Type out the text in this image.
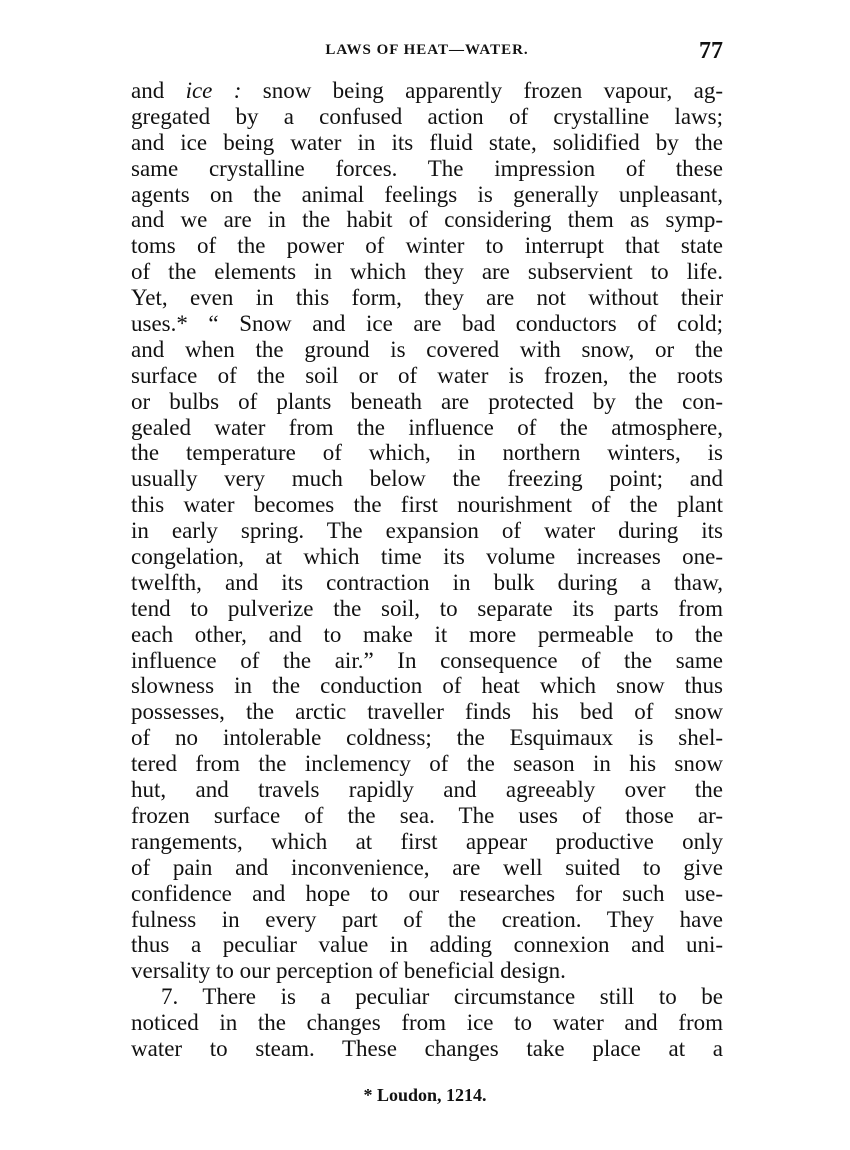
LAWS OF HEAT—WATER.	77
and ice : snow being apparently frozen vapour, ag-
gregated by a confused action of crystalline laws;
and ice being water in its fluid state, solidified by the
same crystalline forces. The impression of these
agents on the animal feelings is generally unpleasant,
and we are in the habit of considering them as symp-
toms of the power of winter to interrupt that state
of the elements in which they are subservient to life.
Yet, even in this form, they are not without their
uses.* “ Snow and ice are bad conductors of cold;
and when the ground is covered with snow, or the
surface of the soil or of water is frozen, the roots
or bulbs of plants beneath are protected by the con-
gealed water from the influence of the atmosphere,
the temperature of which, in northern winters, is
usually very much below the freezing point; and
this water becomes the first nourishment of the plant
in early spring. The expansion of water during its
congelation, at which time its volume increases one-
twelfth, and its contraction in bulk during a thaw,
tend to pulverize the soil, to separate its parts from
each other, and to make it more permeable to the
influence of the air.” In consequence of the same
slowness in the conduction of heat which snow thus
possesses, the arctic traveller finds his bed of snow
of no intolerable coldness; the Esquimaux is shel-
tered from the inclemency of the season in his snow
hut, and travels rapidly and agreeably over the
frozen surface of the sea. The uses of those ar-
rangements, which at first appear productive only
of pain and inconvenience, are well suited to give
confidence and hope to our researches for such use-
fulness in every part of the creation. They have
thus a peculiar value in adding connexion and uni-
versality to our perception of beneficial design.
7. There is a peculiar circumstance still to be
noticed in the changes from ice to water and from
water to steam. These changes take place at a
* Loudon, 1214.
